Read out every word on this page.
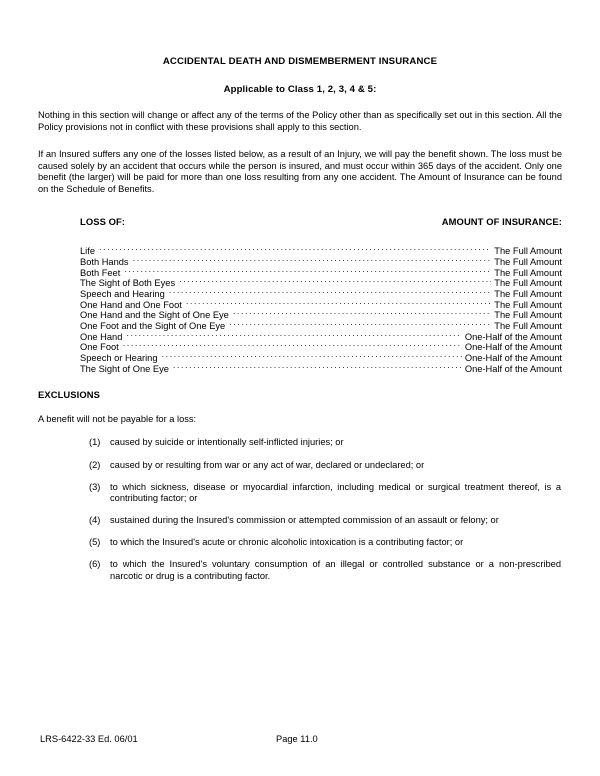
ACCIDENTAL DEATH AND DISMEMBERMENT INSURANCE
Applicable to Class 1, 2, 3, 4 & 5:

Nothing in this section will change or affect any of the terms of the Policy other than as specifically set out in this section. All the Policy provisions not in conflict with these provisions shall apply to this section.

If an Insured suffers any one of the losses listed below, as a result of an Injury, we will pay the benefit shown. The loss must be caused solely by an accident that occurs while the person is insured, and must occur within 365 days of the accident. Only one benefit (the larger) will be paid for more than one loss resulting from any one accident. The Amount of Insurance can be found on the Schedule of Benefits.

LOSS OF:	AMOUNT OF INSURANCE:
Life .....	The Full Amount
Both Hands .....	The Full Amount
Both Feet .....	The Full Amount
The Sight of Both Eyes .....	The Full Amount
Speech and Hearing .....	The Full Amount
One Hand and One Foot .....	The Full Amount
One Hand and the Sight of One Eye .....	The Full Amount
One Foot and the Sight of One Eye .....	The Full Amount
One Hand .....	One-Half of the Amount
One Foot .....	One-Half of the Amount
Speech or Hearing .....	One-Half of the Amount
The Sight of One Eye .....	One-Half of the Amount
EXCLUSIONS

A benefit will not be payable for a loss:

(1)	caused by suicide or intentionally self-inflicted injuries; or
(2)	caused by or resulting from war or any act of war, declared or undeclared; or
(3)	to which sickness, disease or myocardial infarction, including medical or surgical treatment thereof, is a contributing factor; or
(4)	sustained during the Insured's commission or attempted commission of an assault or felony; or
(5)	to which the Insured's acute or chronic alcoholic intoxication is a contributing factor; or
(6)	to which the Insured's voluntary consumption of an illegal or controlled substance or a non-prescribed narcotic or drug is a contributing factor.
LRS-6422-33 Ed. 06/01	Page 11.0
